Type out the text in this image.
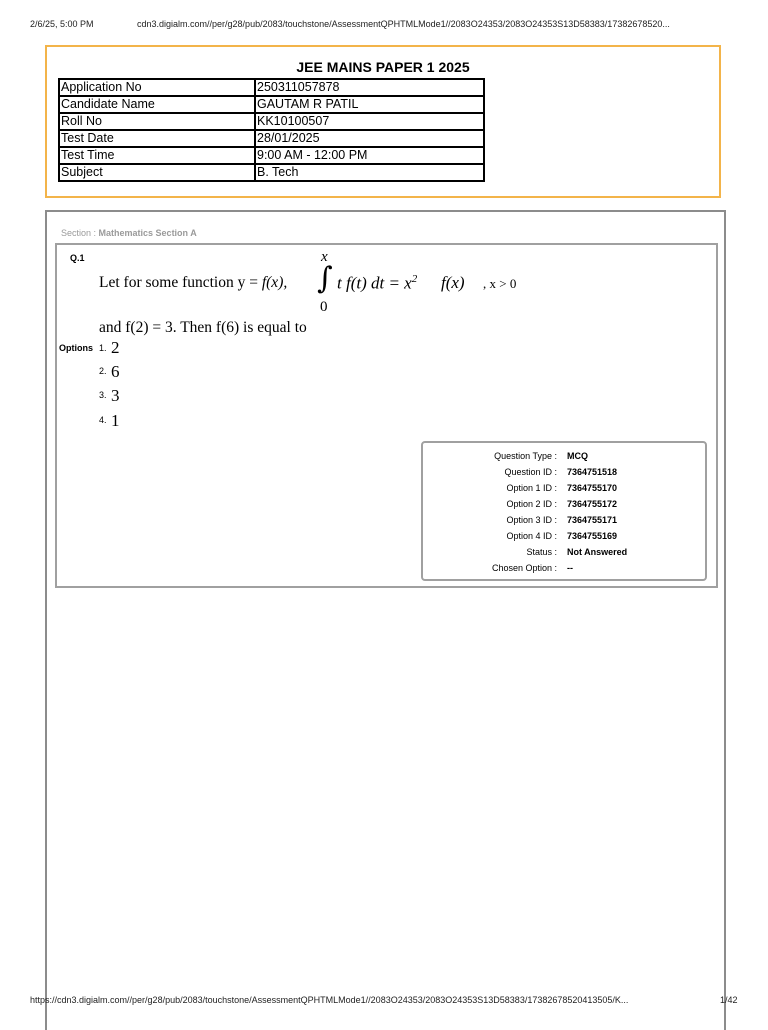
2/6/25, 5:00 PM	cdn3.digialm.com//per/g28/pub/2083/touchstone/AssessmentQPHTMLMode1//2083O24353/2083O24353S13D58383/17382678520...
JEE MAINS PAPER 1 2025
Application No	250311057878
Candidate Name	GAUTAM R PATIL
Roll No	KK10100507
Test Date	28/01/2025
Test Time	9:00 AM - 12:00 PM
Subject	B. Tech
Section : Mathematics Section A
Q.1
Let for some function y = f(x),
x
∫
0
t f(t) dt = $x^2$ f(x) , x > 0
and f(2) = 3. Then f(6) is equal to
Options 1. 2
2. 6
3. 3
4. 1
Question Type : MCQ
Question ID : 7364751518
Option 1 ID : 7364755170
Option 2 ID : 7364755172
Option 3 ID : 7364755171
Option 4 ID : 7364755169
Status : Not Answered
Chosen Option : --
https://cdn3.digialm.com//per/g28/pub/2083/touchstone/AssessmentQPHTMLMode1//2083O24353/2083O24353S13D58383/17382678520413505/K...	1/42
